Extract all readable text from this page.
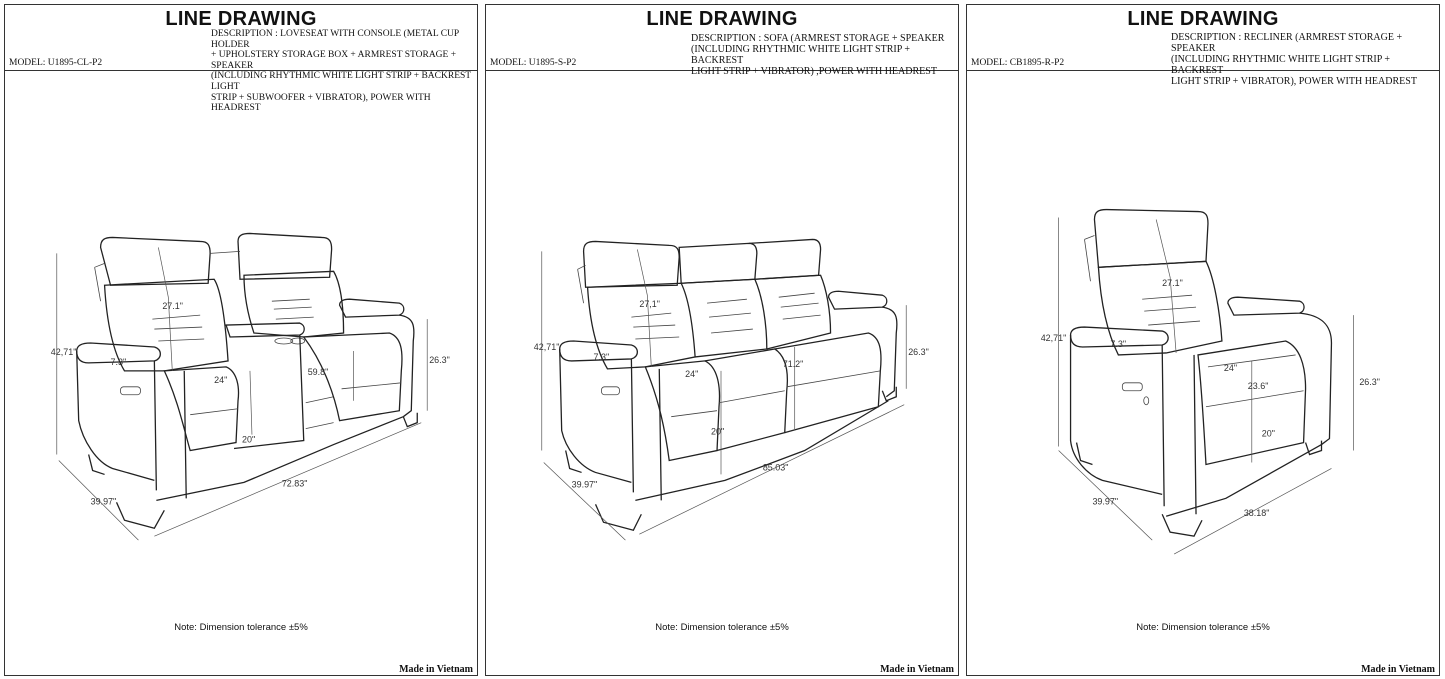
LINE DRAWING
DESCRIPTION : LOVESEAT WITH CONSOLE (METAL CUP HOLDER
+ UPHOLSTERY STORAGE BOX + ARMREST STORAGE + SPEAKER
(INCLUDING RHYTHMIC WHITE LIGHT STRIP + BACKREST LIGHT
STRIP + SUBWOOFER + VIBRATOR), POWER WITH HEADREST
MODEL: U1895-CL-P2
42,71"
39.97"
72.83"
27.1"
7.3"
24"
20"
59.8"
26.3"
Note: Dimension tolerance ±5%
Made in Vietnam
LINE DRAWING
DESCRIPTION : SOFA (ARMREST STORAGE + SPEAKER
(INCLUDING RHYTHMIC WHITE LIGHT STRIP + BACKREST
LIGHT STRIP + VIBRATOR) ,POWER WITH HEADREST
MODEL: U1895-S-P2
42,71"
39.97"
85.03"
27,1"
7.3"
24"
20"
71.2"
26.3"
Note: Dimension tolerance ±5%
Made in Vietnam
LINE DRAWING
DESCRIPTION : RECLINER (ARMREST STORAGE + SPEAKER
(INCLUDING RHYTHMIC WHITE LIGHT STRIP + BACKREST
LIGHT STRIP + VIBRATOR), POWER WITH HEADREST
MODEL: CB1895-R-P2
42,71"
39.97"
38.18"
27.1"
7.3"
24"
20"
23.6"	26.3"
Note: Dimension tolerance ±5%
Made in Vietnam
